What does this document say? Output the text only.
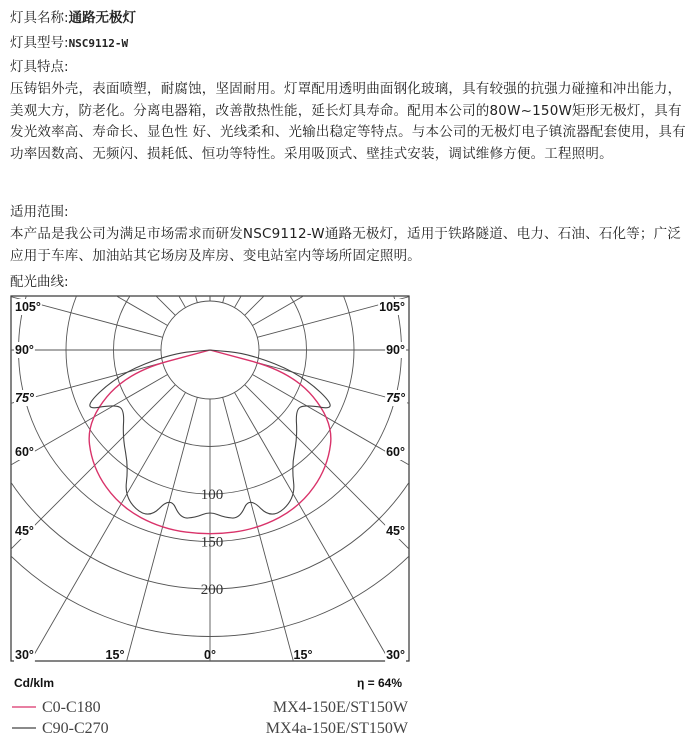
灯具名称:通路无极灯
灯具型号:NSC9112-W
灯具特点:
压铸铝外壳，表面喷塑，耐腐蚀，坚固耐用。灯罩配用透明曲面钢化玻璃，具有较强的抗强力碰撞和冲出能力，美观大方，防老化。分离电器箱，改善散热性能，延长灯具寿命。配用本公司的80W~150W矩形无极灯，具有发光效率高、寿命长、显色性 好、光线柔和、光输出稳定等特点。与本公司的无极灯电子镇流器配套使用，具有功率因数高、无频闪、损耗低、恒功等特性。采用吸顶式、壁挂式安装，调试维修方便。工程照明。
适用范围:
本产品是我公司为满足市场需求而研发NSC9112-W通路无极灯，适用于铁路隧道、电力、石油、石化等；广泛应用于车库、加油站其它场房及库房、变电站室内等场所固定照明。
配光曲线:
100
150
200
105°
90°
75°
60°
45°
30°	15°
105°
90°
75°
60°
45°
30°
15°
0°
Cd/klm	η = 64%
C0-C180
C90-C270
MX4-150E/ST150W
MX4a-150E/ST150W
